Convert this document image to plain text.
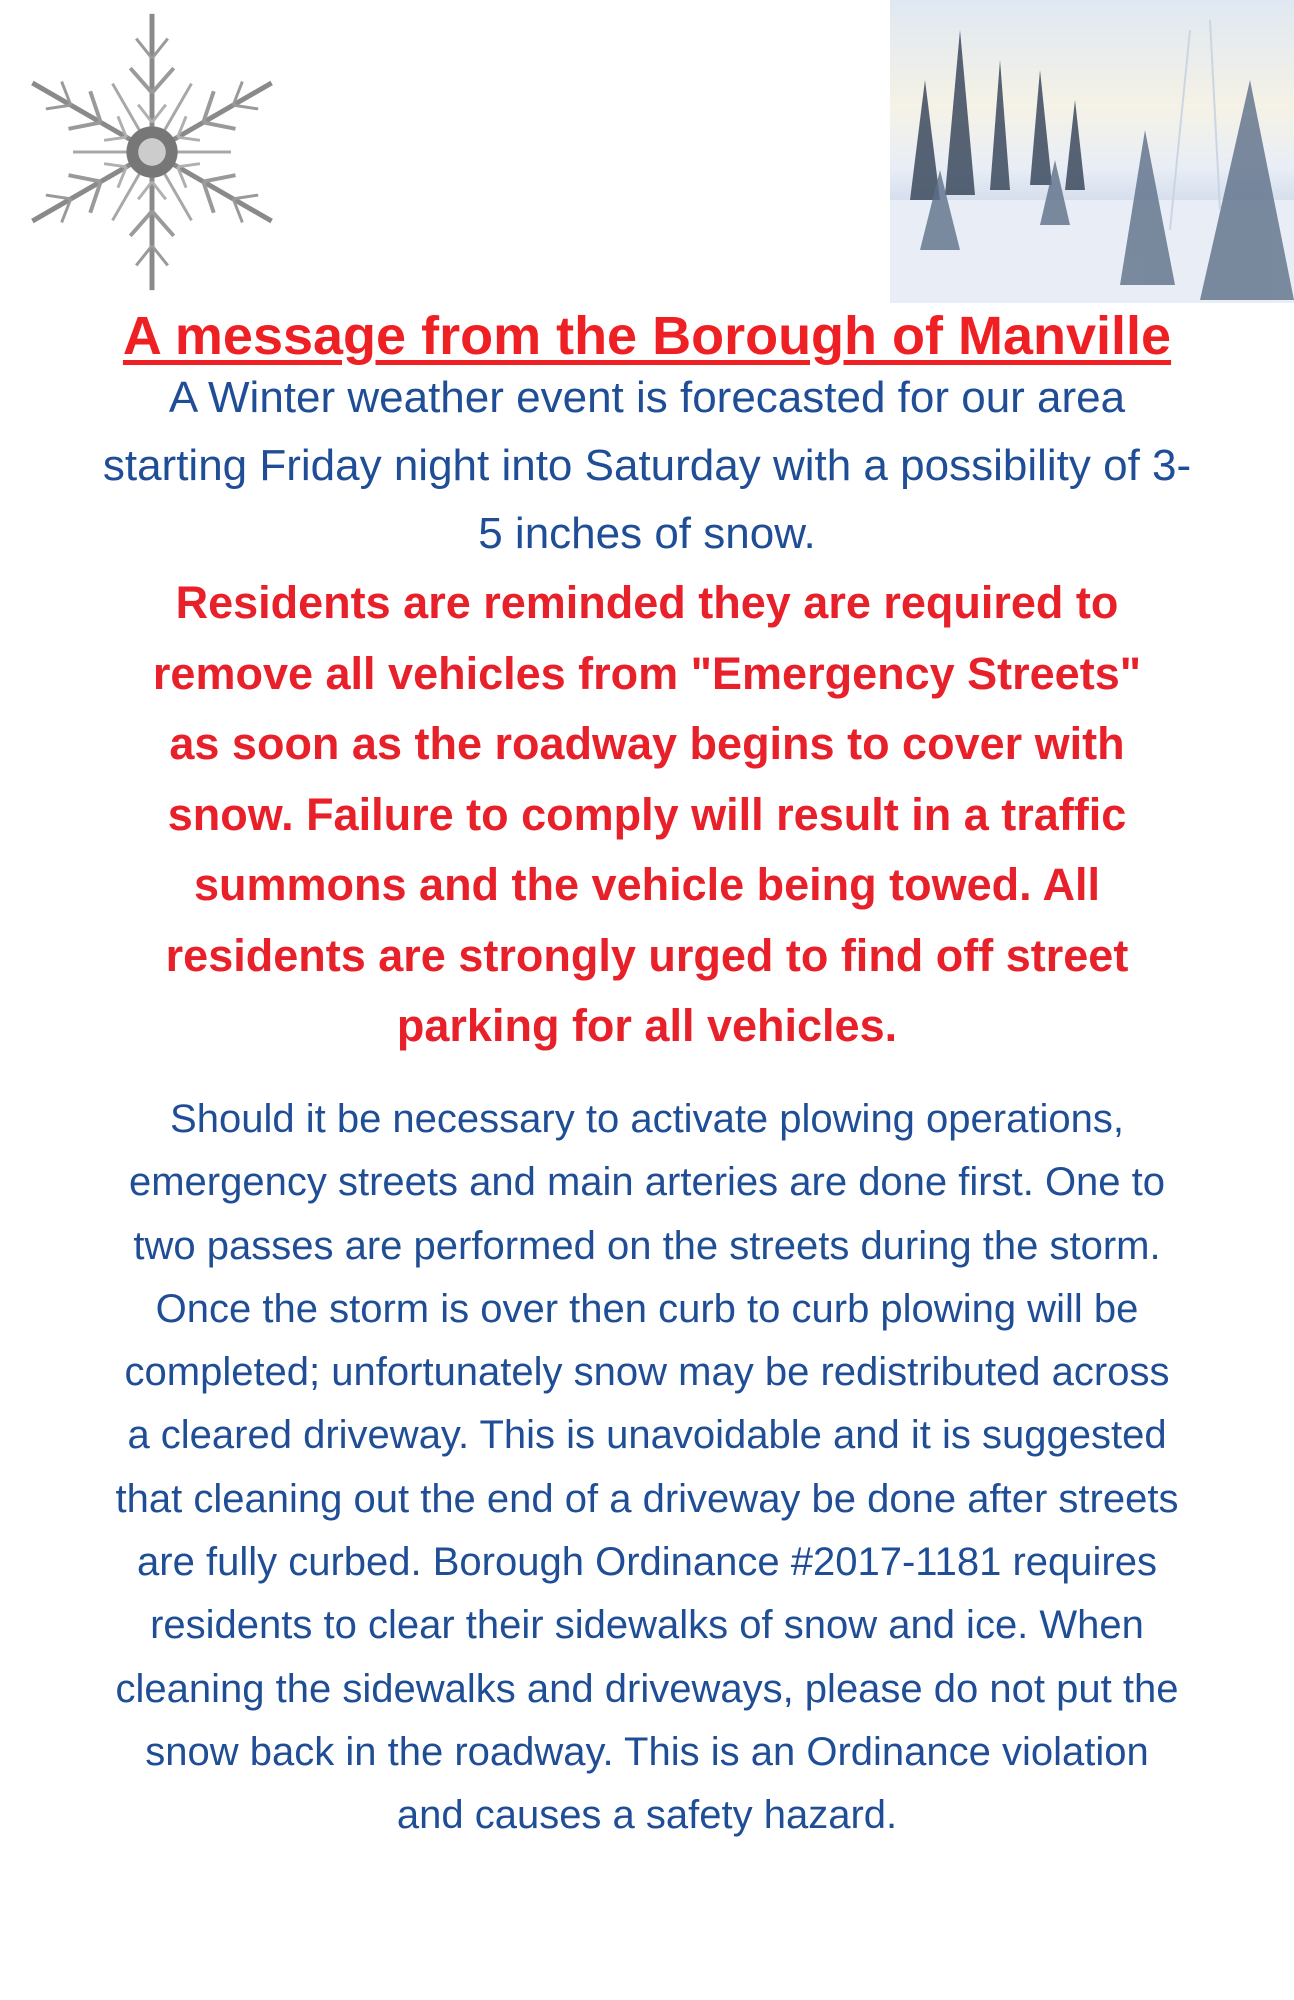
A message from the Borough of Manville
A Winter weather event is forecasted for our area
starting Friday night into Saturday with a possibility of 3-
5 inches of snow.
Residents are reminded they are required to
remove all vehicles from "Emergency Streets"
as soon as the roadway begins to cover with
snow. Failure to comply will result in a traffic
summons and the vehicle being towed. All
residents are strongly urged to find off street
parking for all vehicles.
Should it be necessary to activate plowing operations,
emergency streets and main arteries are done first. One to
two passes are performed on the streets during the storm.
Once the storm is over then curb to curb plowing will be
completed; unfortunately snow may be redistributed across
a cleared driveway. This is unavoidable and it is suggested
that cleaning out the end of a driveway be done after streets
are fully curbed. Borough Ordinance #2017-1181 requires
residents to clear their sidewalks of snow and ice. When
cleaning the sidewalks and driveways, please do not put the
snow back in the roadway. This is an Ordinance violation
and causes a safety hazard.
